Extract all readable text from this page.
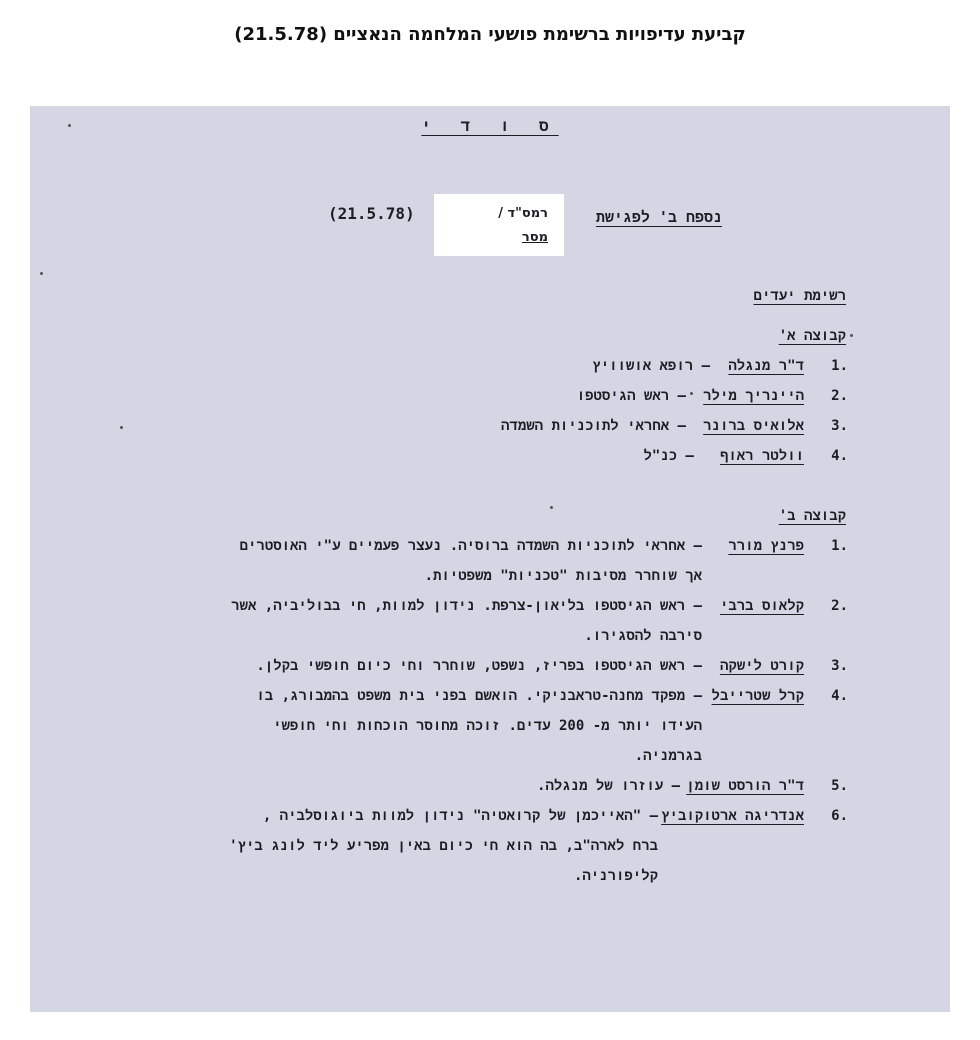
קביעת עדיפויות ברשימת פושעי המלחמה הנאציים (21.5.78)
ס ו ד י
נספח ב' לפגישת
(21.5.78)	רמס"ד /
מסר
רשימת יעדים
קבוצה א'
1.
ד"ר מנגלה
– רופא אושוויץ
2.
היינריך מילר
– ראש הגיסטפו
3.
אלואיס ברונר
– אחראי לתוכניות השמדה
4.
וולטר ראוף
– כנ"ל
קבוצה ב'
1.
פרנץ מורר
– אחראי לתוכניות השמדה ברוסיה. נעצר פעמיים ע"י האוסטרים
אך שוחרר מסיבות "טכניות" משפטיות.
2.
קלאוס ברבי
– ראש הגיסטפו בליאון-צרפת. נידון למוות, חי בבוליביה, אשר
סירבה להסגירו.
3.
קורט לישקה
– ראש הגיסטפו בפריז, נשפט, שוחרר וחי כיום חופשי בקלן.
4.
קרל שטרייבל
– מפקד מחנה-טראבניקי. הואשם בפני בית משפט בהמבורג, בו
העידו יותר מ- 200 עדים. זוכה מחוסר הוכחות וחי חופשי
בגרמניה.
5.
ד"ר הורסט שומן
– עוזרו של מנגלה.
6.
אנדריגה ארטוקוביץ
– "האייכמן של קרואטיה" נידון למוות ביוגוסלביה ,
ברח לארה"ב, בה הוא חי כיום באין מפריע ליד לונג ביץ'
קליפורניה.
